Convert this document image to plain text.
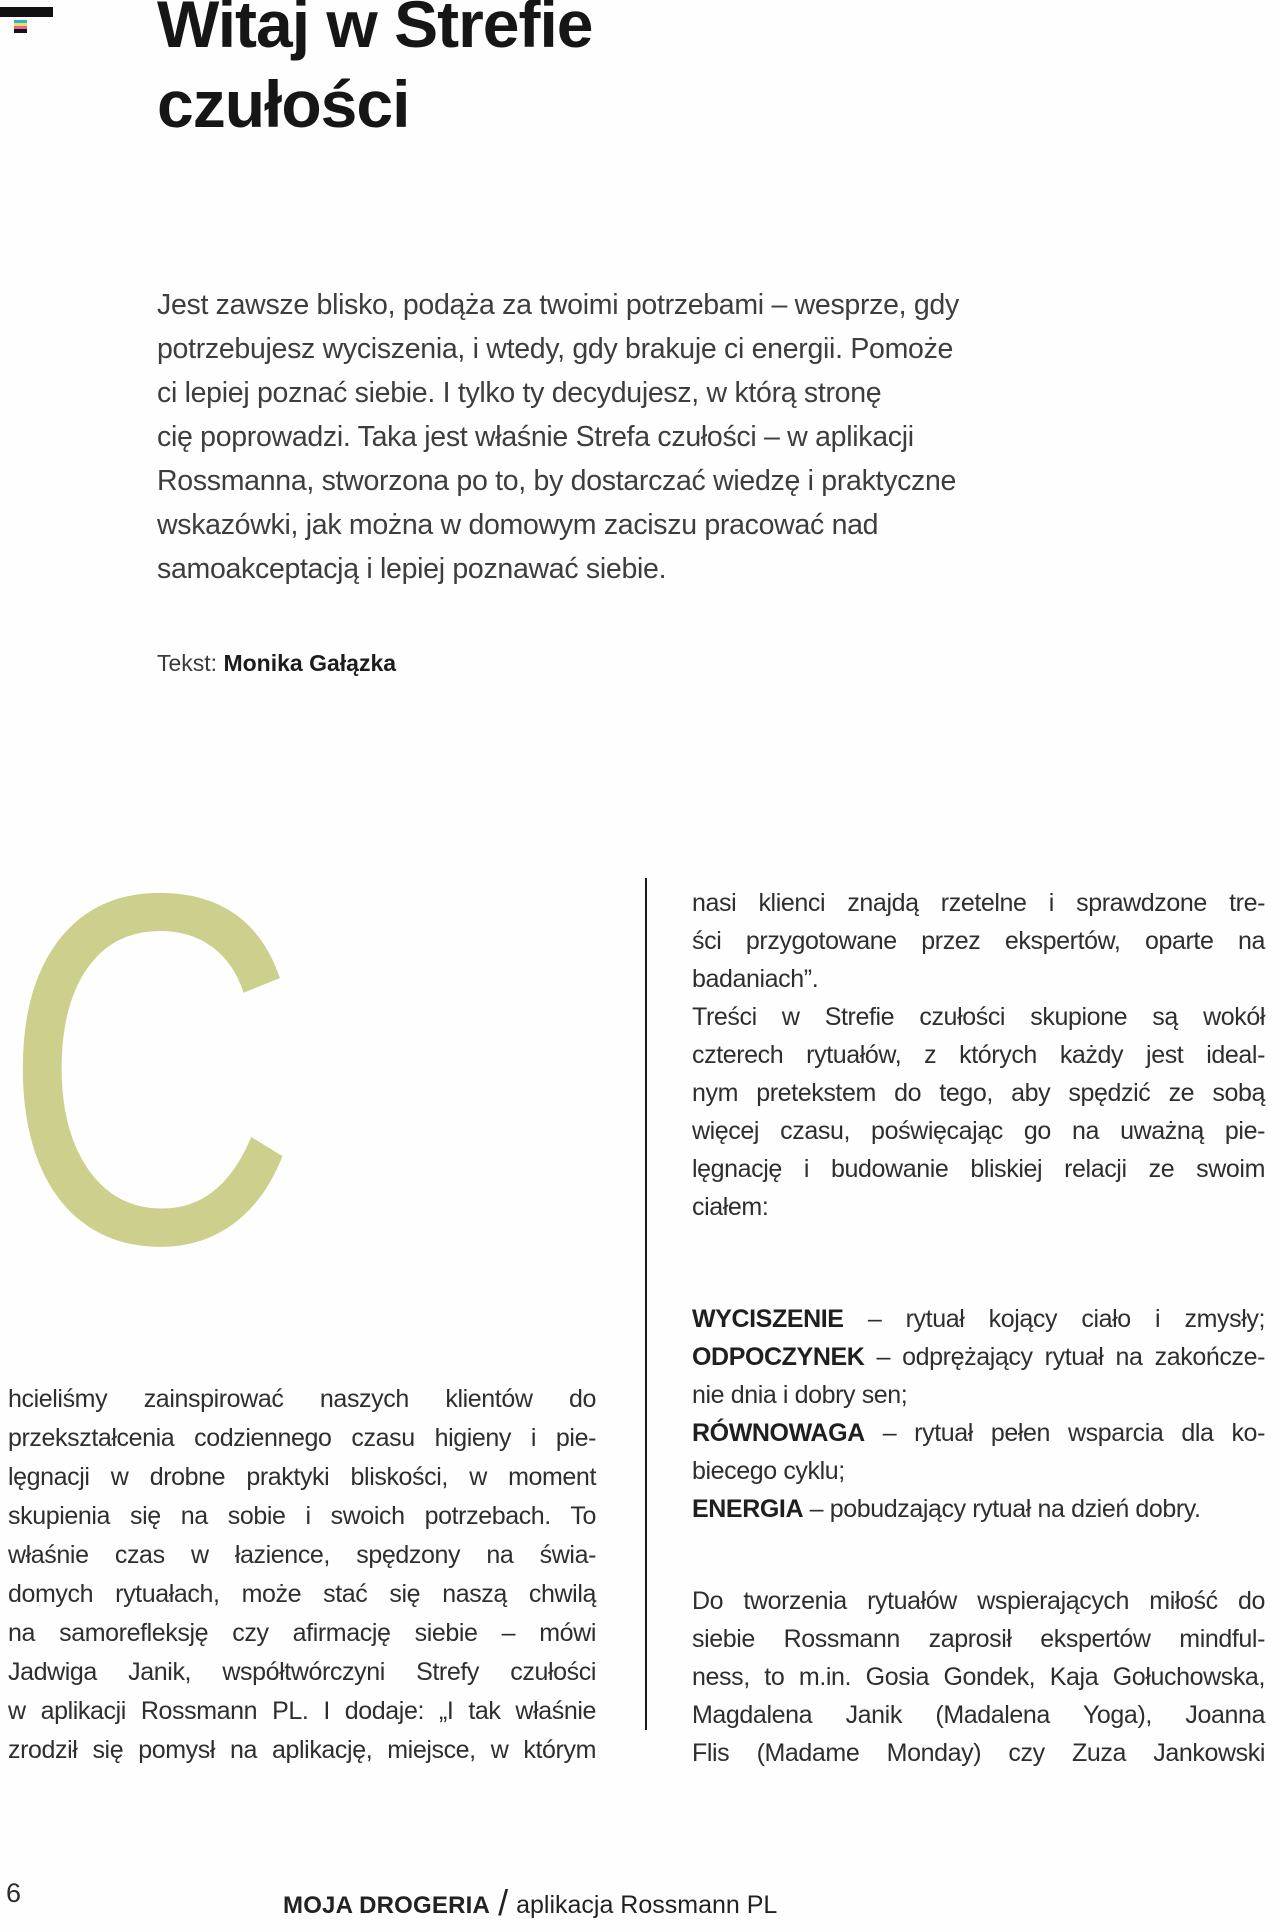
Witaj w Strefie
czułości
Jest zawsze blisko, podąża za twoimi potrzebami – wesprze, gdy
potrzebujesz wyciszenia, i wtedy, gdy brakuje ci energii. Pomoże
ci lepiej poznać siebie. I tylko ty decydujesz, w którą stronę
cię poprowadzi. Taka jest właśnie Strefa czułości – w aplikacji
Rossmanna, stworzona po to, by dostarczać wiedzę i praktyczne
wskazówki, jak można w domowym zaciszu pracować nad
samoakceptacją i lepiej poznawać siebie.
Tekst: Monika Gałązka
C
hcieliśmy zainspirować naszych klientów do
przekształcenia codziennego czasu higieny i pie-
lęgnacji w drobne praktyki bliskości, w moment
skupienia się na sobie i swoich potrzebach. To
właśnie czas w łazience, spędzony na świa-
domych rytuałach, może stać się naszą chwilą
na samorefleksję czy afirmację siebie – mówi
Jadwiga Janik, współtwórczyni Strefy czułości
w aplikacji Rossmann PL. I dodaje: „I tak właśnie
zrodził się pomysł na aplikację, miejsce, w którym
nasi klienci znajdą rzetelne i sprawdzone tre-
ści przygotowane przez ekspertów, oparte na
badaniach”.
Treści w Strefie czułości skupione są wokół
czterech rytuałów, z których każdy jest ideal-
nym pretekstem do tego, aby spędzić ze sobą
więcej czasu, poświęcając go na uważną pie-
lęgnację i budowanie bliskiej relacji ze swoim
ciałem:
WYCISZENIE – rytuał kojący ciało i zmysły;
ODPOCZYNEK – odprężający rytuał na zakończe-
nie dnia i dobry sen;
RÓWNOWAGA – rytuał pełen wsparcia dla ko-
biecego cyklu;
ENERGIA – pobudzający rytuał na dzień dobry.
Do tworzenia rytuałów wspierających miłość do
siebie Rossmann zaprosił ekspertów mindful-
ness, to m.in. Gosia Gondek, Kaja Gołuchowska,
Magdalena Janik (Madalena Yoga), Joanna
Flis (Madame Monday) czy Zuza Jankowski
6	MOJA DROGERIA / aplikacja Rossmann PL
